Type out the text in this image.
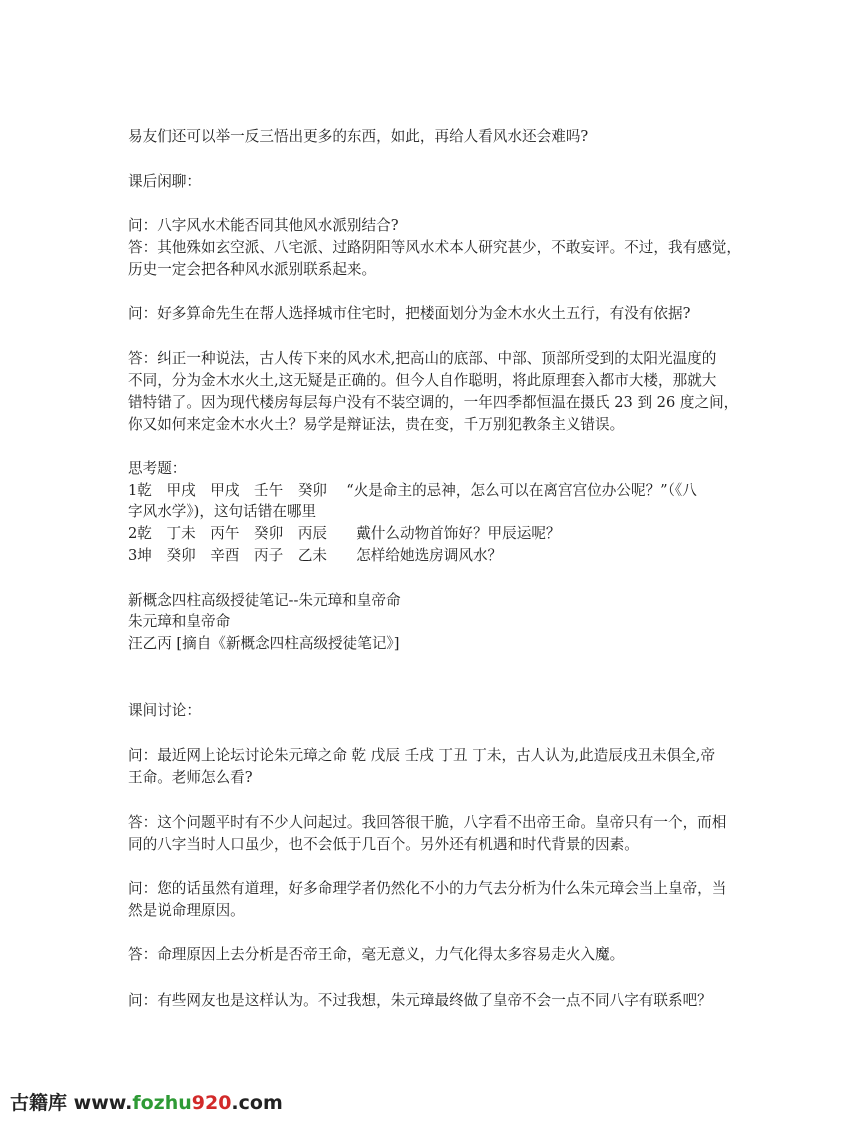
易友们还可以举一反三悟出更多的东西，如此，再给人看风水还会难吗?
课后闲聊：
问：八字风水术能否同其他风水派别结合?
答：其他殊如玄空派、八宅派、过路阴阳等风水术本人研究甚少，不敢妄评。不过，我有感觉，
历史一定会把各种风水派别联系起来。
问：好多算命先生在帮人选择城市住宅时，把楼面划分为金木水火土五行，有没有依据?
答：纠正一种说法，古人传下来的风水术,把高山的底部、中部、顶部所受到的太阳光温度的
不同，分为金木水火土,这无疑是正确的。但今人自作聪明，将此原理套入都市大楼，那就大
错特错了。因为现代楼房每层每户没有不装空调的，一年四季都恒温在摄氏 23 到 26 度之间，
你又如何来定金木水火土？易学是辩证法，贵在变，千万别犯教条主义错误。
思考题：
1乾　甲戌　甲戌　壬午　癸卯　 “火是命主的忌神，怎么可以在离宫宫位办公呢？”（《八
字风水学》)，这句话错在哪里
2乾　丁未　丙午　癸卯　丙辰　　戴什么动物首饰好？甲辰运呢？
3坤　癸卯　辛酉　丙子　乙未　　怎样给她选房调风水？
新概念四柱高级授徒笔记--朱元璋和皇帝命
朱元璋和皇帝命
汪乙丙 [摘自《新概念四柱高级授徒笔记》]
课间讨论：
问：最近网上论坛讨论朱元璋之命 乾 戊辰 壬戌 丁丑 丁未，古人认为,此造辰戌丑未俱全,帝
王命。老师怎么看?
答：这个问题平时有不少人问起过。我回答很干脆，八字看不出帝王命。皇帝只有一个，而相
同的八字当时人口虽少，也不会低于几百个。另外还有机遇和时代背景的因素。
问：您的话虽然有道理，好多命理学者仍然化不小的力气去分析为什么朱元璋会当上皇帝，当
然是说命理原因。
答：命理原因上去分析是否帝王命，毫无意义，力气化得太多容易走火入魔。
问：有些网友也是这样认为。不过我想，朱元璋最终做了皇帝不会一点不同八字有联系吧？
古籍库 www.fozhu920.com
